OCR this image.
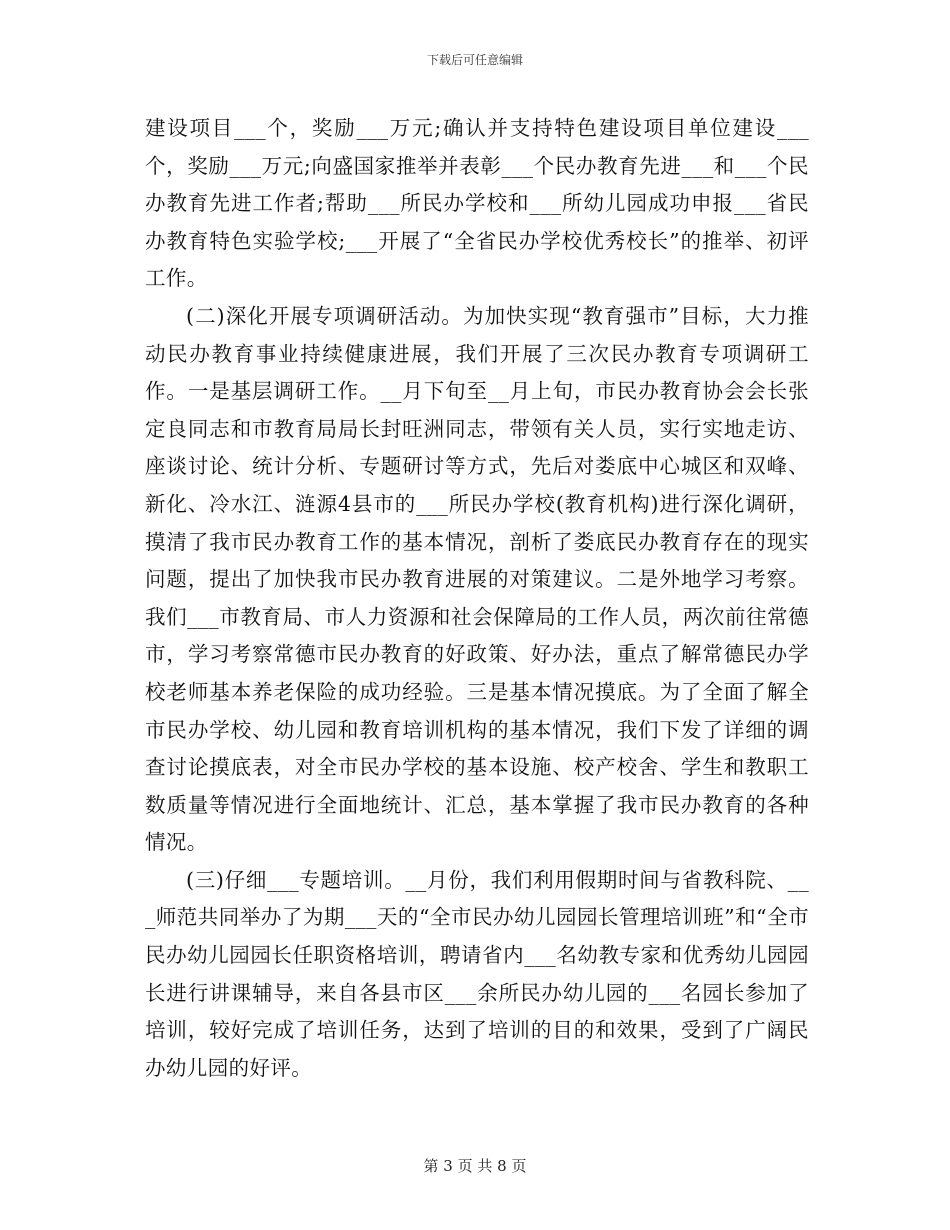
下载后可任意编辑

建设项目___个，奖励___万元;确认并支持特色建设项目单位建设___个，奖励___万元;向盛国家推举并表彰___个民办教育先进___和___个民办教育先进工作者;帮助___所民办学校和___所幼儿园成功申报___省民办教育特色实验学校;___开展了“全省民办学校优秀校长”的推举、初评工作。

(二)深化开展专项调研活动。为加快实现“教育强市”目标，大力推动民办教育事业持续健康进展，我们开展了三次民办教育专项调研工作。一是基层调研工作。__月下旬至__月上旬，市民办教育协会会长张定良同志和市教育局局长封旺洲同志，带领有关人员，实行实地走访、座谈讨论、统计分析、专题研讨等方式，先后对娄底中心城区和双峰、新化、冷水江、涟源4县市的___所民办学校(教育机构)进行深化调研，摸清了我市民办教育工作的基本情况，剖析了娄底民办教育存在的现实问题，提出了加快我市民办教育进展的对策建议。二是外地学习考察。我们___市教育局、市人力资源和社会保障局的工作人员，两次前往常德市，学习考察常德市民办教育的好政策、好办法，重点了解常德民办学校老师基本养老保险的成功经验。三是基本情况摸底。为了全面了解全市民办学校、幼儿园和教育培训机构的基本情况，我们下发了详细的调查讨论摸底表，对全市民办学校的基本设施、校产校舍、学生和教职工数质量等情况进行全面地统计、汇总，基本掌握了我市民办教育的各种情况。

(三)仔细___专题培训。__月份，我们利用假期时间与省教科院、___师范共同举办了为期___天的“全市民办幼儿园园长管理培训班”和“全市民办幼儿园园长任职资格培训，聘请省内___名幼教专家和优秀幼儿园园长进行讲课辅导，来自各县市区___余所民办幼儿园的___名园长参加了培训，较好完成了培训任务，达到了培训的目的和效果，受到了广阔民办幼儿园的好评。

第 3 页 共 8 页
